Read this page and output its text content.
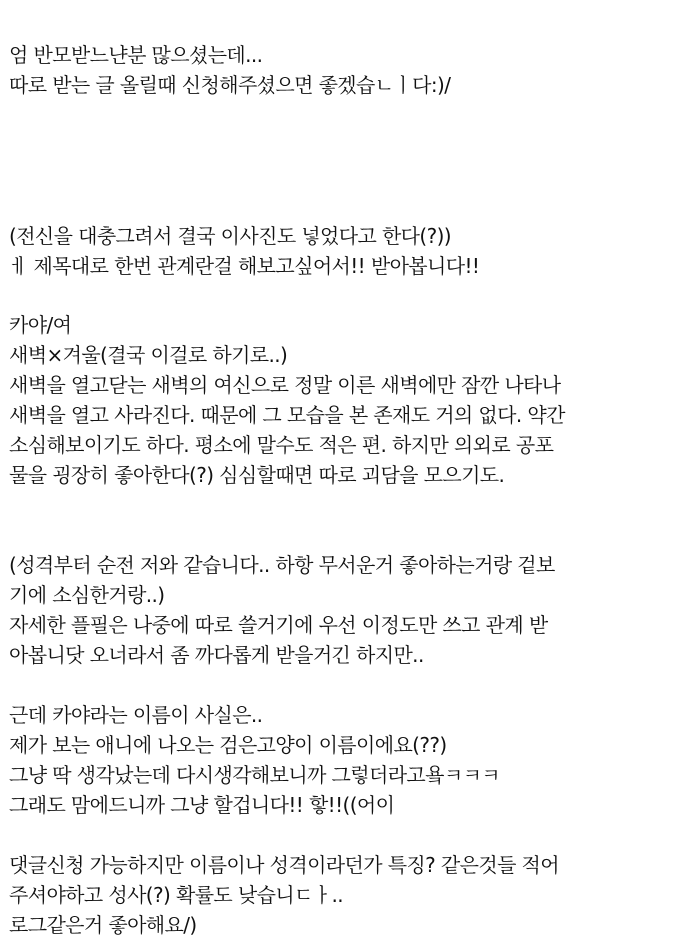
엄 반모받느냔분 많으셨는데...
따로 받는 글 올릴때 신청해주셨으면 좋겠습ㄴㅣ다:)/
(전신을 대충그려서 결국 이사진도 넣었다고 한다(?))
ㅔ 제목대로 한번 관계란걸 해보고싶어서!! 받아봅니다!!
카야/여
새벽×겨울(결국 이걸로 하기로..)
새벽을 열고닫는 새벽의 여신으로 정말 이른 새벽에만 잠깐 나타나
새벽을 열고 사라진다. 때문에 그 모습을 본 존재도 거의 없다. 약간
소심해보이기도 하다. 평소에 말수도 적은 편. 하지만 의외로 공포
물을 굉장히 좋아한다(?) 심심할때면 따로 괴담을 모으기도.
(성격부터 순전 저와 같습니다.. 하항 무서운거 좋아하는거랑 겉보
기에 소심한거랑..)
자세한 플필은 나중에 따로 쓸거기에 우선 이정도만 쓰고 관계 받
아봅니닷 오너라서 좀 까다롭게 받을거긴 하지만..
근데 카야라는 이름이 사실은..
제가 보는 애니에 나오는 검은고양이 이름이에요(??)
그냥 딱 생각났는데 다시생각해보니까 그렇더라고욬ㅋㅋㅋ
그래도 맘에드니까 그냥 할겁니다!! 핳!!((어이
댓글신청 가능하지만 이름이나 성격이라던가 특징? 같은것들 적어
주셔야하고 성사(?) 확률도 낮습니ㄷㅏ..
로그같은거 좋아해요/)
